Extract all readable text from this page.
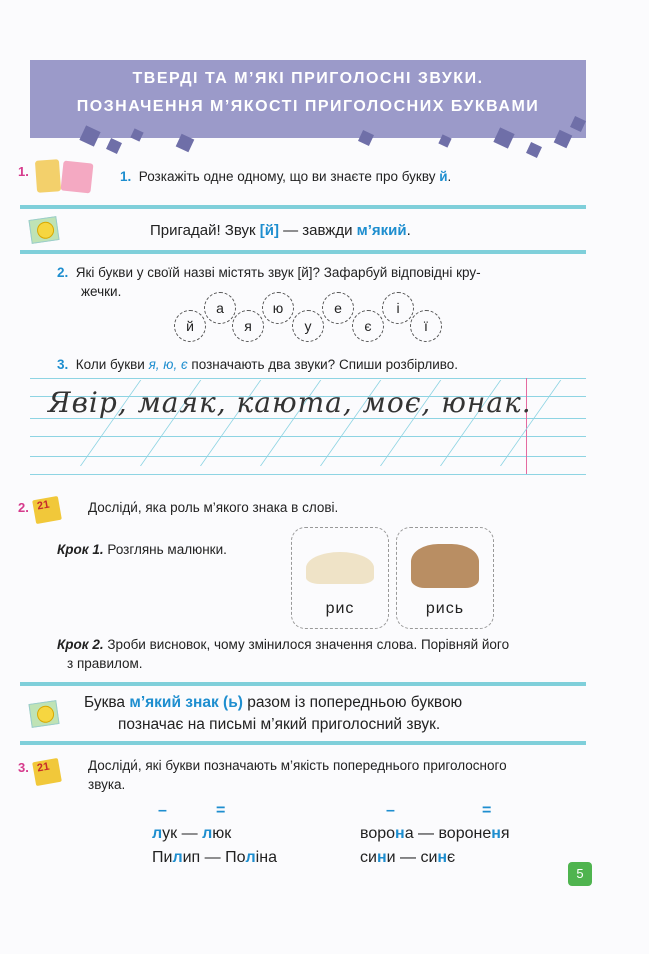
ТВЕРДІ ТА М’ЯКІ ПРИГОЛОСНІ ЗВУКИ.
ПОЗНАЧЕННЯ М’ЯКОСТІ ПРИГОЛОСНИХ БУКВАМИ
1.	1. Розкажіть одне одному, що ви знаєте про букву й.
Пригадай! Звук [й] — завжди м’який.
2. Які букви у своїй назві містять звук [й]? Зафарбуй відповідні кру-
жечки.
й
а
я
ю
у
е
є
і
ї
3. Коли букви я, ю, є позначають два звуки? Спиши розбірливо.
Явір, маяк, каюта, моє, юнак.
2. 21	Досліди́, яка роль м’якого знака в слові.
Крок 1. Розглянь малюнки.
рис	рись
Крок 2. Зроби висновок, чому змінилося значення слова. Порівняй його
з правилом.
Буква м’який знак (ь) разом із попередньою буквою
позначає на письмі м’який приголосний звук.
3. 21	Досліди́, які букви позначають м’якість попереднього приголосного
звука.
–	=	–	=
лук — люк
Пилип — Поліна
ворона — вороненя
сини — синє
5
